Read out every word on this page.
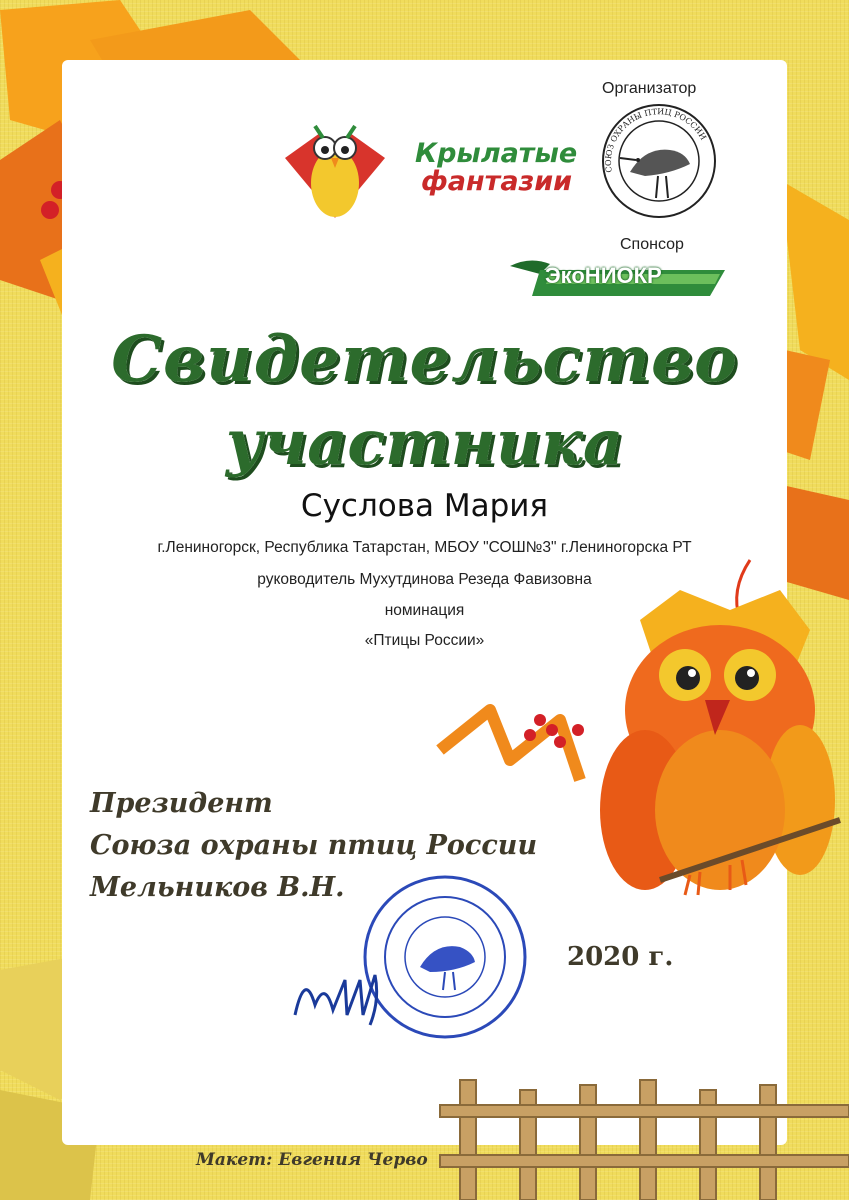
Крылатые
фантазии
Организатор
СОЮЗ ОХРАНЫ ПТИЦ РОССИИ
Спонсор
ЭкоНИОКР
Свидетельство
участника
Суслова Мария
г.Лениногорск, Республика Татарстан, МБОУ "СОШ№3" г.Лениногорска РТ
руководитель Мухутдинова Резеда Фавизовна
номинация
«Птицы России»
Президент
Союза охраны птиц России
Мельников В.Н.
2020 г.
Макет: Евгения Червo
